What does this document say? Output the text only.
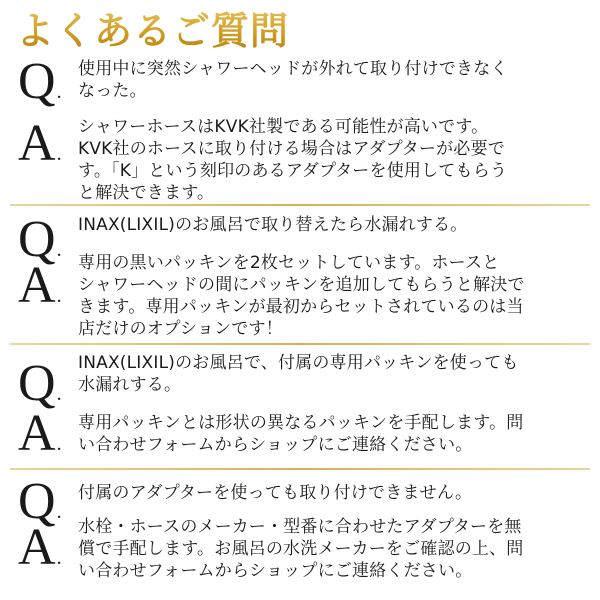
よくあるご質問
Q.
使用中に突然シャワーヘッドが外れて取り付けできなく
なった。
A.
シャワーホースはKVK社製である可能性が高いです。
KVK社のホースに取り付ける場合はアダプターが必要で
す。「K」という刻印のあるアダプターを使用してもらう
と解決できます。
Q.
INAX(LIXIL)のお風呂で取り替えたら水漏れする。
A.
専用の黒いパッキンを2枚セットしています。ホースと
シャワーヘッドの間にパッキンを追加してもらうと解決で
きます。専用パッキンが最初からセットされているのは当
店だけのオプションです！
Q.
INAX(LIXIL)のお風呂で、付属の専用パッキンを使っても
水漏れする。
A.
専用パッキンとは形状の異なるパッキンを手配します。問
い合わせフォームからショップにご連絡ください。
Q.
付属のアダプターを使っても取り付けできません。
A.
水栓・ホースのメーカー・型番に合わせたアダプターを無
償で手配します。お風呂の水洗メーカーをご確認の上、問
い合わせフォームからショップにご連絡ください。
